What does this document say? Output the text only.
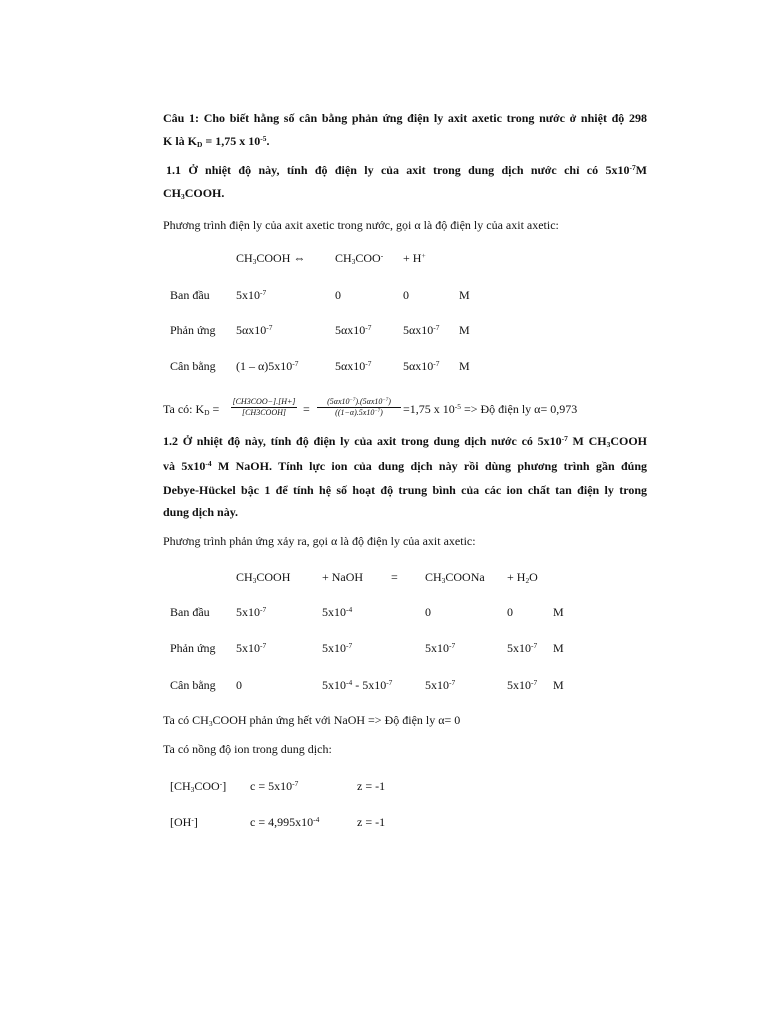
Câu 1: Cho biết hằng số cân bằng phản ứng điện ly axit axetic trong nước ở nhiệt độ 298
K là $K_D = 1,75$ x $10^{-5}$.
1.1 Ở nhiệt độ này, tính độ điện ly của axit trong dung dịch nước chỉ có $5x10^{-7}M$
$CH_3COOH$.
Phương trình điện ly của axit axetic trong nước, gọi α là độ điện ly của axit axetic:
$CH_3COOH$ ⇔ $CH_3COO^- + H^+$
Ban đầu $5x10^{-7}$	0	0	M
Phản ứng $5\alpha x10^{-7}$	$5\alpha x10^{-7}$	$5\alpha x10^{-7}$ M
Cân bằng $(1 - \alpha)5x10^{-7}$	$5\alpha x10^{-7}$	$5\alpha x10^{-7}$ M
Ta có: $K_D$ =
[CH3COO−].[H+]
[CH3COOH]	=
$(5\alpha x10^{-7}).(5\alpha x10^{-7})$
$((1-\alpha).5x10^{-7})$	=1,75 x $10^{-5}$ => Độ điện ly α= 0,973
1.2 Ở nhiệt độ này, tính độ điện ly của axit trong dung dịch nước có $5x10^{-7}$ M $CH_3COOH$
và $5x10^{-4}$ M NaOH. Tính lực ion của dung dịch này rồi dùng phương trình gần đúng
Debye-Hückel bậc 1 để tính hệ số hoạt độ trung bình của các ion chất tan điện ly trong
dung dịch này.
Phương trình phản ứng xảy ra, gọi α là độ điện ly của axit axetic:
$CH_3COOH$	+ NaOH = $CH_3COONa + H_2O$
Ban đầu $5x10^{-7}$	$5x10^{-4}$	0	0	M
Phản ứng $5x10^{-7}$	$5x10^{-7}$	$5x10^{-7}$	$5x10^{-7}$ M
Cân bằng 0	$5x10^{-4} - 5x10^{-7}$	$5x10^{-7}$	$5x10^{-7}$ M
Ta có $CH_3COOH$ phản ứng hết với NaOH => Độ điện ly α= 0
Ta có nồng độ ion trong dung dịch:
$[CH_3COO^-] c = 5x10^{-7}$	z = -1
[OH-]	$c = 4,995x10^{-4}$	z = -1
